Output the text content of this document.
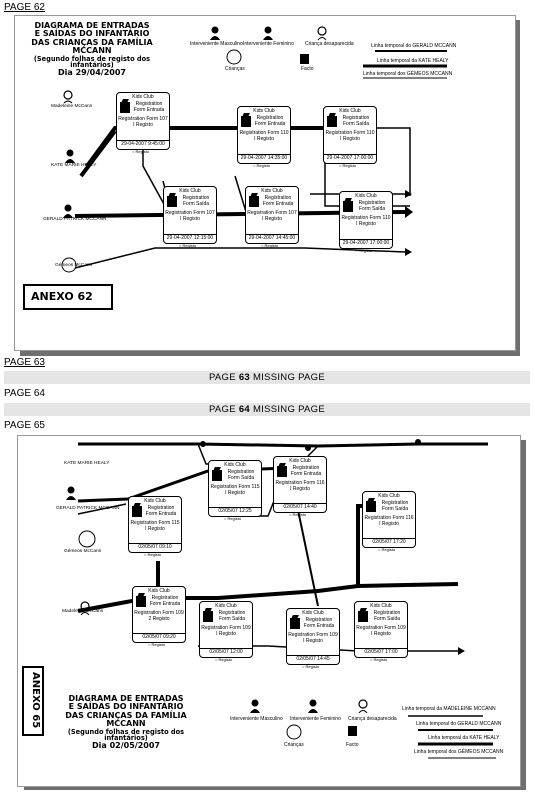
PAGE 62
DIAGRAMA DE ENTRADAS
E SAÍDAS DO INFANTÁRIO
DAS CRIANÇAS DA FAMÍLIA
MCCANN
(Segundo folhas de registo dos infantários)
Dia 29/04/2007
Interveniente Masculino Interveniente Feminino Criança desaparecida
Crianças	Facto
Linha temporal do GERALD MCCANN
Linha temporal da KATE HEALY
Linha temporal dos GÉMEOS MCCANN
Madeleine McCann
KATE MARIE HEALY
GERALD PATRICK MCCANN
Gémeos McCann
Kids Club
Registration
Form Entrada
Registration Form 107
I Registo
29-04-2007 9:45:00
○ Registo
Kids Club
Registration
Form Entrada
Registration Form 110
I Registo
29-04-2007 14:35:00
○ Registo
Kids Club
Registration
Form Saída
Registration Form 110
I Registo
29-04-2007 17:00:00
○ Registo
Kids Club
Registration
Form Saída
Registration Form 107
I Registo
29-04-2007 12:15:00
○ Registo
Kids Club
Registration
Form Entrada
Registration Form 107
I Registo
29-04-2007 14:45:00
○ Registo
Kids Club
Registration
Form Saída
Registration Form 110
I Registo
29-04-2007 17:00:00
○ Registo
ANEXO 62
PAGE 63
PAGE 63 MISSING PAGE
PAGE 64
PAGE 64 MISSING PAGE
PAGE 65
DIAGRAMA DE ENTRADAS
E SAÍDAS DO INFANTÁRIO
DAS CRIANÇAS DA FAMÍLIA
MCCANN
(Segundo folhas de registo dos infantários)
Dia 02/05/2007
Interveniente Masculino Interveniente Feminino Criança desaparecida
Crianças	Facto
Linha temporal da MADELEINE MCCANN
Linha temporal do GERALD MCCANN
Linha temporal da KATE HEALY
Linha temporal dos GÉMEOS MCCANN
KATE MARIE HEALY
GERALD PATRICK MCCANN
Gémeos McCann
Madeleine McCann
Kids Club
Registration
Form Saída
Registration Form 115
I Registo
02/05/07 12:25
○ Registo
Kids Club
Registration
Form Entrada
Registration Form 116
I Registo
02/05/07 14:40
○ Registo
Kids Club
Registration
Form Entrada
Registration Form 115
I Registo
02/05/07 09:10
○ Registo
Kids Club
Registration
Form Saída
Registration Form 116
I Registo
02/05/07 17:20
○ Registo
Kids Club
Registration
Form Entrada
Registration Form 109
2 Registo
02/05/07 09:20
○ Registo
Kids Club
Registration
Form Saída
Registration Form 109
I Registo
02/05/07 12:00
○ Registo
Kids Club
Registration
Form Entrada
Registration Form 109
I Registo
02/05/07 14:45
○ Registo
Kids Club
Registration
Form Saída
Registration Form 109
I Registo
02/05/07 17:00
○ Registo
ANEXO 65
